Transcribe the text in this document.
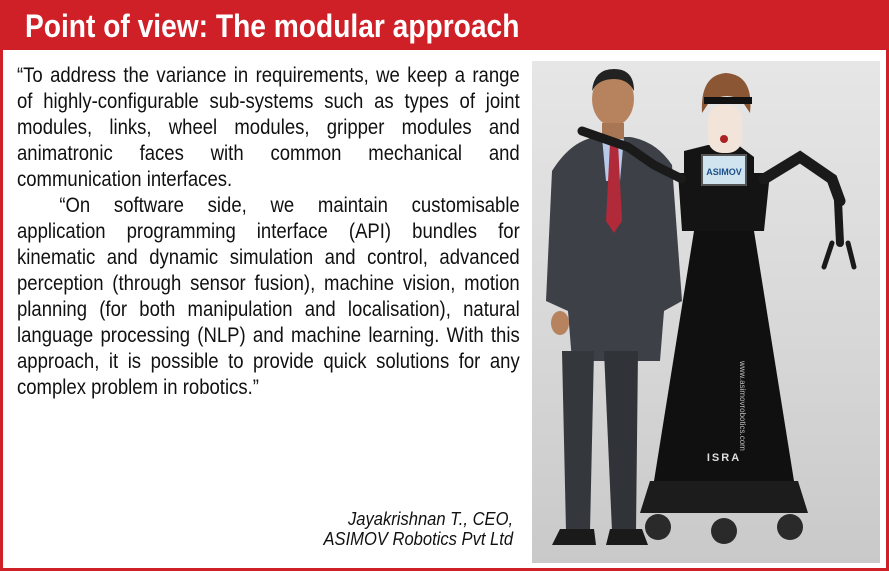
Point of view: The modular approach

“To address the variance in requirements, we keep a range of highly-configurable sub-systems such as types of joint modules, links, wheel modules, gripper modules and animatronic faces with common mechanical and communication interfaces.

“On software side, we maintain customisable application programming interface (API) bundles for kinematic and dynamic simulation and control, advanced perception (through sensor fusion), machine vision, motion planning (for both manipulation and localisation), natural language processing (NLP) and machine learning. With this approach, it is possible to provide quick solutions for any complex problem in robotics.”

Jayakrishnan T., CEO,
ASIMOV Robotics Pvt Ltd
ASIMOV
www.asimovrobotics.com
ISRA
